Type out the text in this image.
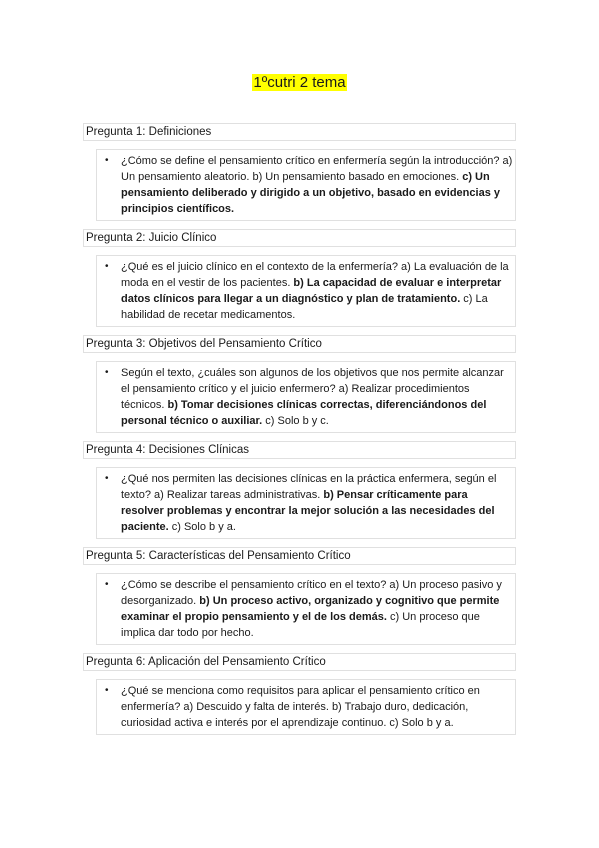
1ºcutri 2 tema
Pregunta 1: Definiciones
• ¿Cómo se define el pensamiento crítico en enfermería según la introducción? a) Un pensamiento aleatorio. b) Un pensamiento basado en emociones. c) Un pensamiento deliberado y dirigido a un objetivo, basado en evidencias y principios científicos.
Pregunta 2: Juicio Clínico
• ¿Qué es el juicio clínico en el contexto de la enfermería? a) La evaluación de la moda en el vestir de los pacientes. b) La capacidad de evaluar e interpretar datos clínicos para llegar a un diagnóstico y plan de tratamiento. c) La habilidad de recetar medicamentos.
Pregunta 3: Objetivos del Pensamiento Crítico
• Según el texto, ¿cuáles son algunos de los objetivos que nos permite alcanzar el pensamiento crítico y el juicio enfermero? a) Realizar procedimientos técnicos. b) Tomar decisiones clínicas correctas, diferenciándonos del personal técnico o auxiliar. c) Solo b y c.
Pregunta 4: Decisiones Clínicas
• ¿Qué nos permiten las decisiones clínicas en la práctica enfermera, según el texto? a) Realizar tareas administrativas. b) Pensar críticamente para resolver problemas y encontrar la mejor solución a las necesidades del paciente. c) Solo b y a.
Pregunta 5: Características del Pensamiento Crítico
• ¿Cómo se describe el pensamiento crítico en el texto? a) Un proceso pasivo y desorganizado. b) Un proceso activo, organizado y cognitivo que permite examinar el propio pensamiento y el de los demás. c) Un proceso que implica dar todo por hecho.
Pregunta 6: Aplicación del Pensamiento Crítico
• ¿Qué se menciona como requisitos para aplicar el pensamiento crítico en enfermería? a) Descuido y falta de interés. b) Trabajo duro, dedicación, curiosidad activa e interés por el aprendizaje continuo. c) Solo b y a.
